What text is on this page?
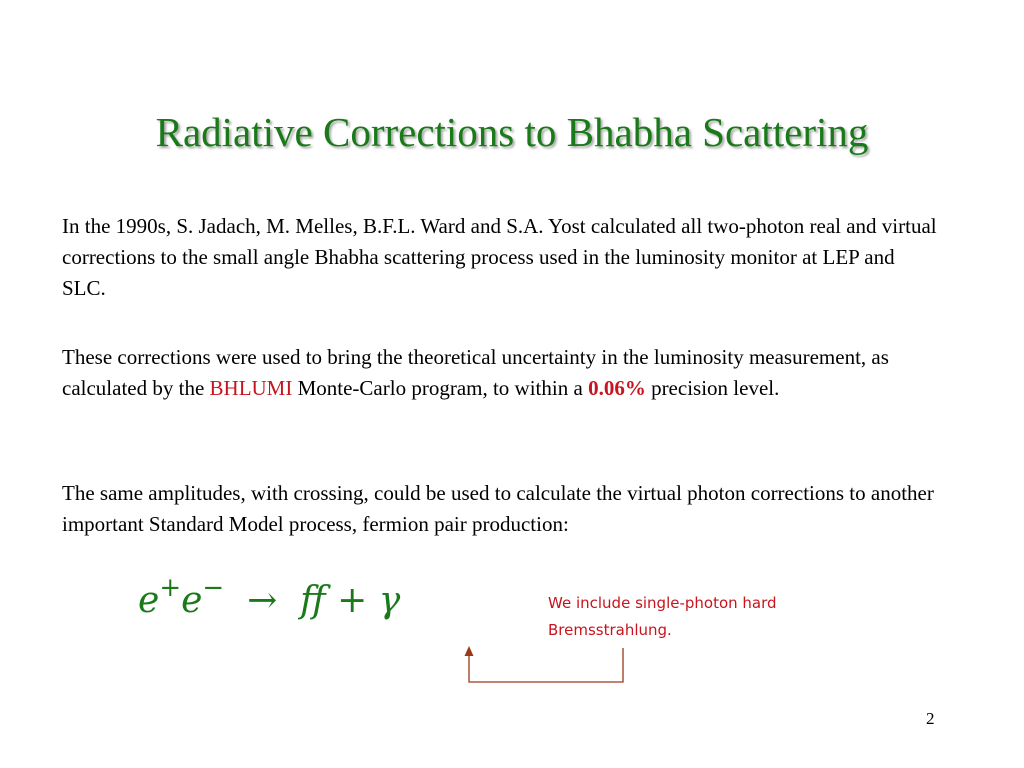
Radiative Corrections to Bhabha Scattering

In the 1990s, S. Jadach, M. Melles, B.F.L. Ward and S.A. Yost calculated all two-photon real and virtual corrections to the small angle Bhabha scattering process used in the luminosity monitor at LEP and SLC.

These corrections were used to bring the theoretical uncertainty in the luminosity measurement, as calculated by the BHLUMI Monte-Carlo program, to within a 0.06% precision level.

The same amplitudes, with crossing, could be used to calculate the virtual photon corrections to another important Standard Model process, fermion pair production:

e+e− → f + γ	We include single-photon hard Bremsstrahlung.
2
